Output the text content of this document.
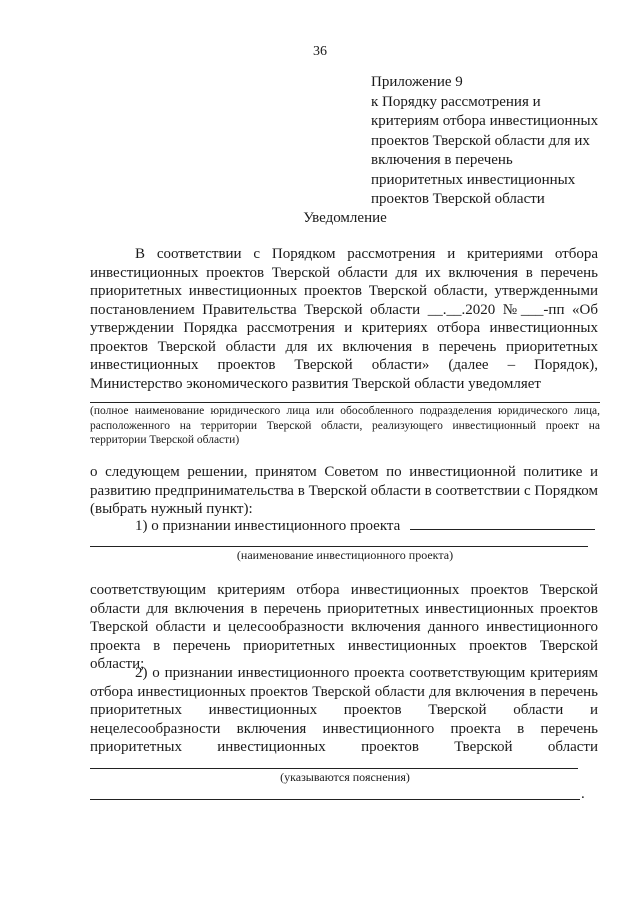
36
Приложение 9
к Порядку рассмотрения и
критериям отбора инвестиционных
проектов Тверской области для их
включения в перечень
приоритетных инвестиционных
проектов Тверской области
Уведомление
В соответствии с Порядком рассмотрения и критериями отбора инвестиционных проектов Тверской области для их включения в перечень приоритетных инвестиционных проектов Тверской области, утвержденными постановлением Правительства Тверской области __.__.2020 №___-пп «Об утверждении Порядка рассмотрения и критериях отбора инвестиционных проектов Тверской области для их включения в перечень приоритетных инвестиционных проектов Тверской области» (далее – Порядок), Министерство экономического развития Тверской области уведомляет
(полное наименование юридического лица или обособленного подразделения юридического лица, расположенного на территории Тверской области, реализующего инвестиционный проект на территории Тверской области)
о следующем решении, принятом Советом по инвестиционной политике и развитию предпринимательства в Тверской области в соответствии с Порядком (выбрать нужный пункт):
1) о признании инвестиционного проекта
(наименование инвестиционного проекта)
соответствующим критериям отбора инвестиционных проектов Тверской области для включения в перечень приоритетных инвестиционных проектов Тверской области и целесообразности включения данного инвестиционного проекта в перечень приоритетных инвестиционных проектов Тверской области;
2) о признании инвестиционного проекта соответствующим критериям отбора инвестиционных проектов Тверской области для включения в перечень приоритетных инвестиционных проектов Тверской области и нецелесообразности включения инвестиционного проекта в перечень приоритетных инвестиционных проектов Тверской области
(указываются пояснения)
.
